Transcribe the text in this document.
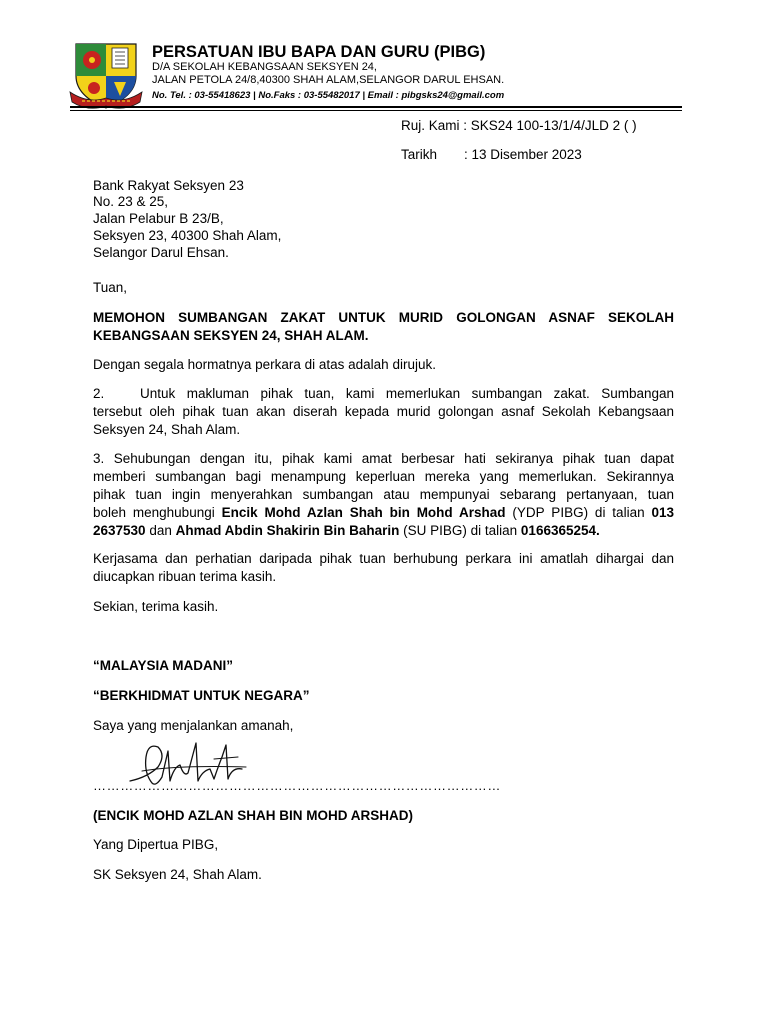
PERSATUAN IBU BAPA DAN GURU (PIBG)
D/A SEKOLAH KEBANGSAAN SEKSYEN 24,
JALAN PETOLA 24/8,40300 SHAH ALAM,SELANGOR DARUL EHSAN.
No. Tel. : 03-55418623 | No.Faks : 03-55482017 | Email : pibgsks24@gmail.com
Ruj. Kami : SKS24 100-13/1/4/JLD 2 ( )
Tarikh : 13 Disember 2023
Bank Rakyat Seksyen 23
No. 23 & 25,
Jalan Pelabur B 23/B,
Seksyen 23, 40300 Shah Alam,
Selangor Darul Ehsan.
Tuan,
MEMOHON SUMBANGAN ZAKAT UNTUK MURID GOLONGAN ASNAF SEKOLAH
KEBANGSAAN SEKSYEN 24, SHAH ALAM.
Dengan segala hormatnya perkara di atas adalah dirujuk.
2.	Untuk makluman pihak tuan, kami memerlukan sumbangan zakat. Sumbangan
tersebut oleh pihak tuan akan diserah kepada murid golongan asnaf Sekolah Kebangsaan
Seksyen 24, Shah Alam.
3. Sehubungan dengan itu, pihak kami amat berbesar hati sekiranya pihak tuan dapat
memberi sumbangan bagi menampung keperluan mereka yang memerlukan. Sekirannya
pihak tuan ingin menyerahkan sumbangan atau mempunyai sebarang pertanyaan, tuan
boleh menghubungi Encik Mohd Azlan Shah bin Mohd Arshad (YDP PIBG) di talian 013
2637530 dan Ahmad Abdin Shakirin Bin Baharin (SU PIBG) di talian 0166365254.
Kerjasama dan perhatian daripada pihak tuan berhubung perkara ini amatlah dihargai dan
diucapkan ribuan terima kasih.
Sekian, terima kasih.
“MALAYSIA MADANI”
“BERKHIDMAT UNTUK NEGARA”
Saya yang menjalankan amanah,
………………………………………………………………………………
(ENCIK MOHD AZLAN SHAH BIN MOHD ARSHAD)
Yang Dipertua PIBG,
SK Seksyen 24, Shah Alam.
